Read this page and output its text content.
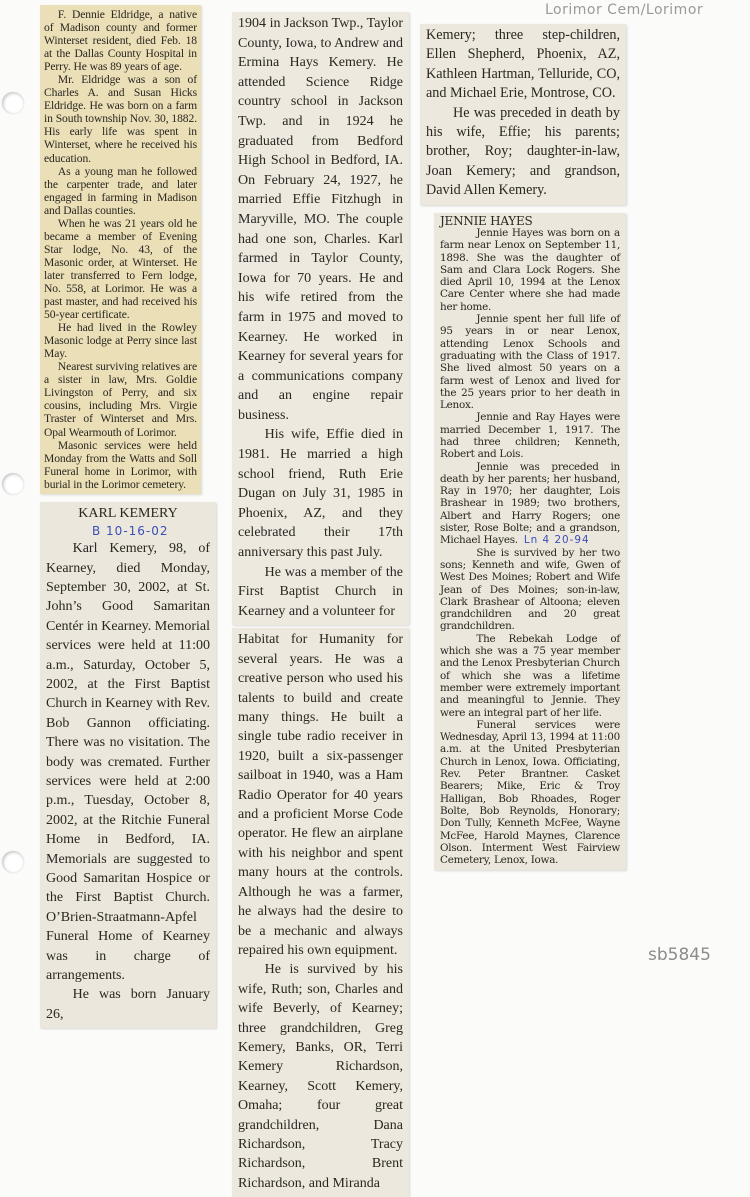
Lorimor Cem/Lorimor
sb5845

F. Dennie Eldridge, a native of Madison county and former Winterset resident, died Feb. 18 at the Dallas County Hospital in Perry. He was 89 years of age.

Mr. Eldridge was a son of Charles A. and Susan Hicks Eldridge. He was born on a farm in South township Nov. 30, 1882. His early life was spent in Winterset, where he received his education.

As a young man he followed the carpenter trade, and later engaged in farming in Madison and Dallas counties.

When he was 21 years old he became a member of Evening Star lodge, No. 43, of the Masonic order, at Winterset. He later transferred to Fern lodge, No. 558, at Lorimor. He was a past master, and had received his 50-year certificate.

He had lived in the Rowley Masonic lodge at Perry since last May.

Nearest surviving relatives are a sister in law, Mrs. Goldie Livingston of Perry, and six cousins, including Mrs. Virgie Traster of Winterset and Mrs. Opal Wearmouth of Lorimor.

Masonic services were held Monday from the Watts and Soll Funeral home in Lorimor, with burial in the Lorimor cemetery.

KARL KEMERY

B 10-16-02

Karl Kemery, 98, of Kearney, died Monday, September 30, 2002, at St. John’s Good Samaritan Centér in Kearney. Memorial services were held at 11:00 a.m., Saturday, October 5, 2002, at the First Baptist Church in Kearney with Rev. Bob Gannon officiating. There was no visitation. The body was cremated. Further services were held at 2:00 p.m., Tuesday, October 8, 2002, at the Ritchie Funeral Home in Bedford, IA. Memorials are suggested to Good Samaritan Hospice or the First Baptist Church. O’Brien-Straatmann-Apfel Funeral Home of Kearney was in charge of arrangements.

He was born January 26,

1904 in Jackson Twp., Taylor County, Iowa, to Andrew and Ermina Hays Kemery. He attended Science Ridge country school in Jackson Twp. and in 1924 he graduated from Bedford High School in Bedford, IA. On February 24, 1927, he married Effie Fitzhugh in Maryville, MO. The couple had one son, Charles. Karl farmed in Taylor County, Iowa for 70 years. He and his wife retired from the farm in 1975 and moved to Kearney. He worked in Kearney for several years for a communications company and an engine repair business.

His wife, Effie died in 1981. He married a high school friend, Ruth Erie Dugan on July 31, 1985 in Phoenix, AZ, and they celebrated their 17th anniversary this past July.

He was a member of the First Baptist Church in Kearney and a volunteer for

Habitat for Humanity for several years. He was a creative person who used his talents to build and create many things. He built a single tube radio receiver in 1920, built a six-passenger sailboat in 1940, was a Ham Radio Operator for 40 years and a proficient Morse Code operator. He flew an airplane with his neighbor and spent many hours at the controls. Although he was a farmer, he always had the desire to be a mechanic and always repaired his own equipment.

He is survived by his wife, Ruth; son, Charles and wife Beverly, of Kearney; three grandchildren, Greg Kemery, Banks, OR, Terri Kemery Richardson, Kearney, Scott Kemery, Omaha; four great grandchildren, Dana Richardson, Tracy Richardson, Brent Richardson, and Miranda

Kemery; three step-children, Ellen Shepherd, Phoenix, AZ, Kathleen Hartman, Telluride, CO, and Michael Erie, Montrose, CO.

He was preceded in death by his wife, Effie; his parents; brother, Roy; daughter-in-law, Joan Kemery; and grandson, David Allen Kemery.

JENNIE HAYES

Jennie Hayes was born on a farm near Lenox on September 11, 1898. She was the daughter of Sam and Clara Lock Rogers. She died April 10, 1994 at the Lenox Care Center where she had made her home.

Jennie spent her full life of 95 years in or near Lenox, attending Lenox Schools and graduating with the Class of 1917. She lived almost 50 years on a farm west of Lenox and lived for the 25 years prior to her death in Lenox.

Jennie and Ray Hayes were married December 1, 1917. The had three children; Kenneth, Robert and Lois.

Jennie was preceded in death by her parents; her husband, Ray in 1970; her daughter, Lois Brashear in 1989; two brothers, Albert and Harry Rogers; one sister, Rose Bolte; and a grandson, Michael Hayes. Ln 4 20-94

She is survived by her two sons; Kenneth and wife, Gwen of West Des Moines; Robert and Wife Jean of Des Moines; son-in-law, Clark Brashear of Altoona; eleven grandchildren and 20 great grandchildren.

The Rebekah Lodge of which she was a 75 year member and the Lenox Presbyterian Church of which she was a lifetime member were extremely important and meaningful to Jennie. They were an integral part of her life.

Funeral services were Wednesday, April 13, 1994 at 11:00 a.m. at the United Presbyterian Church in Lenox, Iowa. Officiating, Rev. Peter Brantner. Casket Bearers; Mike, Eric & Troy Halligan, Bob Rhoades, Roger Bolte, Bob Reynolds, Honorary; Don Tully, Kenneth McFee, Wayne McFee, Harold Maynes, Clarence Olson. Interment West Fairview Cemetery, Lenox, Iowa.
